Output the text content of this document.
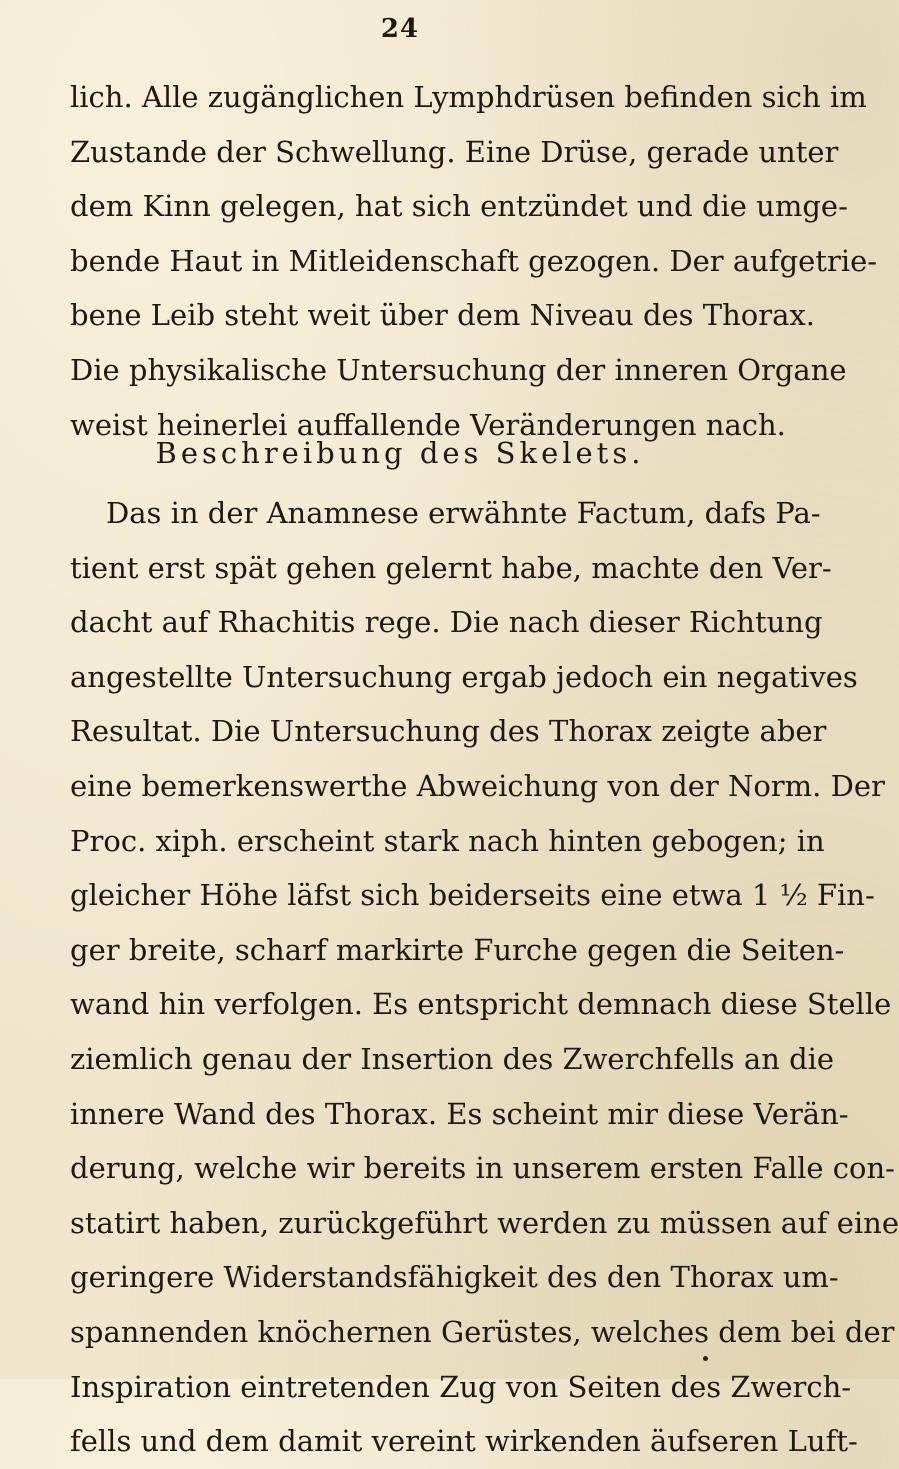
24
lich. Alle zugänglichen Lymphdrüsen befinden sich im
Zustande der Schwellung. Eine Drüse, gerade unter
dem Kinn gelegen, hat sich entzündet und die umge-
bende Haut in Mitleidenschaft gezogen. Der aufgetrie-
bene Leib steht weit über dem Niveau des Thorax.
Die physikalische Untersuchung der inneren Organe
weist heinerlei auffallende Veränderungen nach.
Beschreibung des Skelets.
Das in der Anamnese erwähnte Factum, dafs Pa-
tient erst spät gehen gelernt habe, machte den Ver-
dacht auf Rhachitis rege. Die nach dieser Richtung
angestellte Untersuchung ergab jedoch ein negatives
Resultat. Die Untersuchung des Thorax zeigte aber
eine bemerkenswerthe Abweichung von der Norm. Der
Proc. xiph. erscheint stark nach hinten gebogen; in
gleicher Höhe läfst sich beiderseits eine etwa 1 ½ Fin-
ger breite, scharf markirte Furche gegen die Seiten-
wand hin verfolgen. Es entspricht demnach diese Stelle
ziemlich genau der Insertion des Zwerchfells an die
innere Wand des Thorax. Es scheint mir diese Verän-
derung, welche wir bereits in unserem ersten Falle con-
statirt haben, zurückgeführt werden zu müssen auf eine
geringere Widerstandsfähigkeit des den Thorax um-
spannenden knöchernen Gerüstes, welches dem bei der
Inspiration eintretenden Zug von Seiten des Zwerch-
fells und dem damit vereint wirkenden äufseren Luft-
